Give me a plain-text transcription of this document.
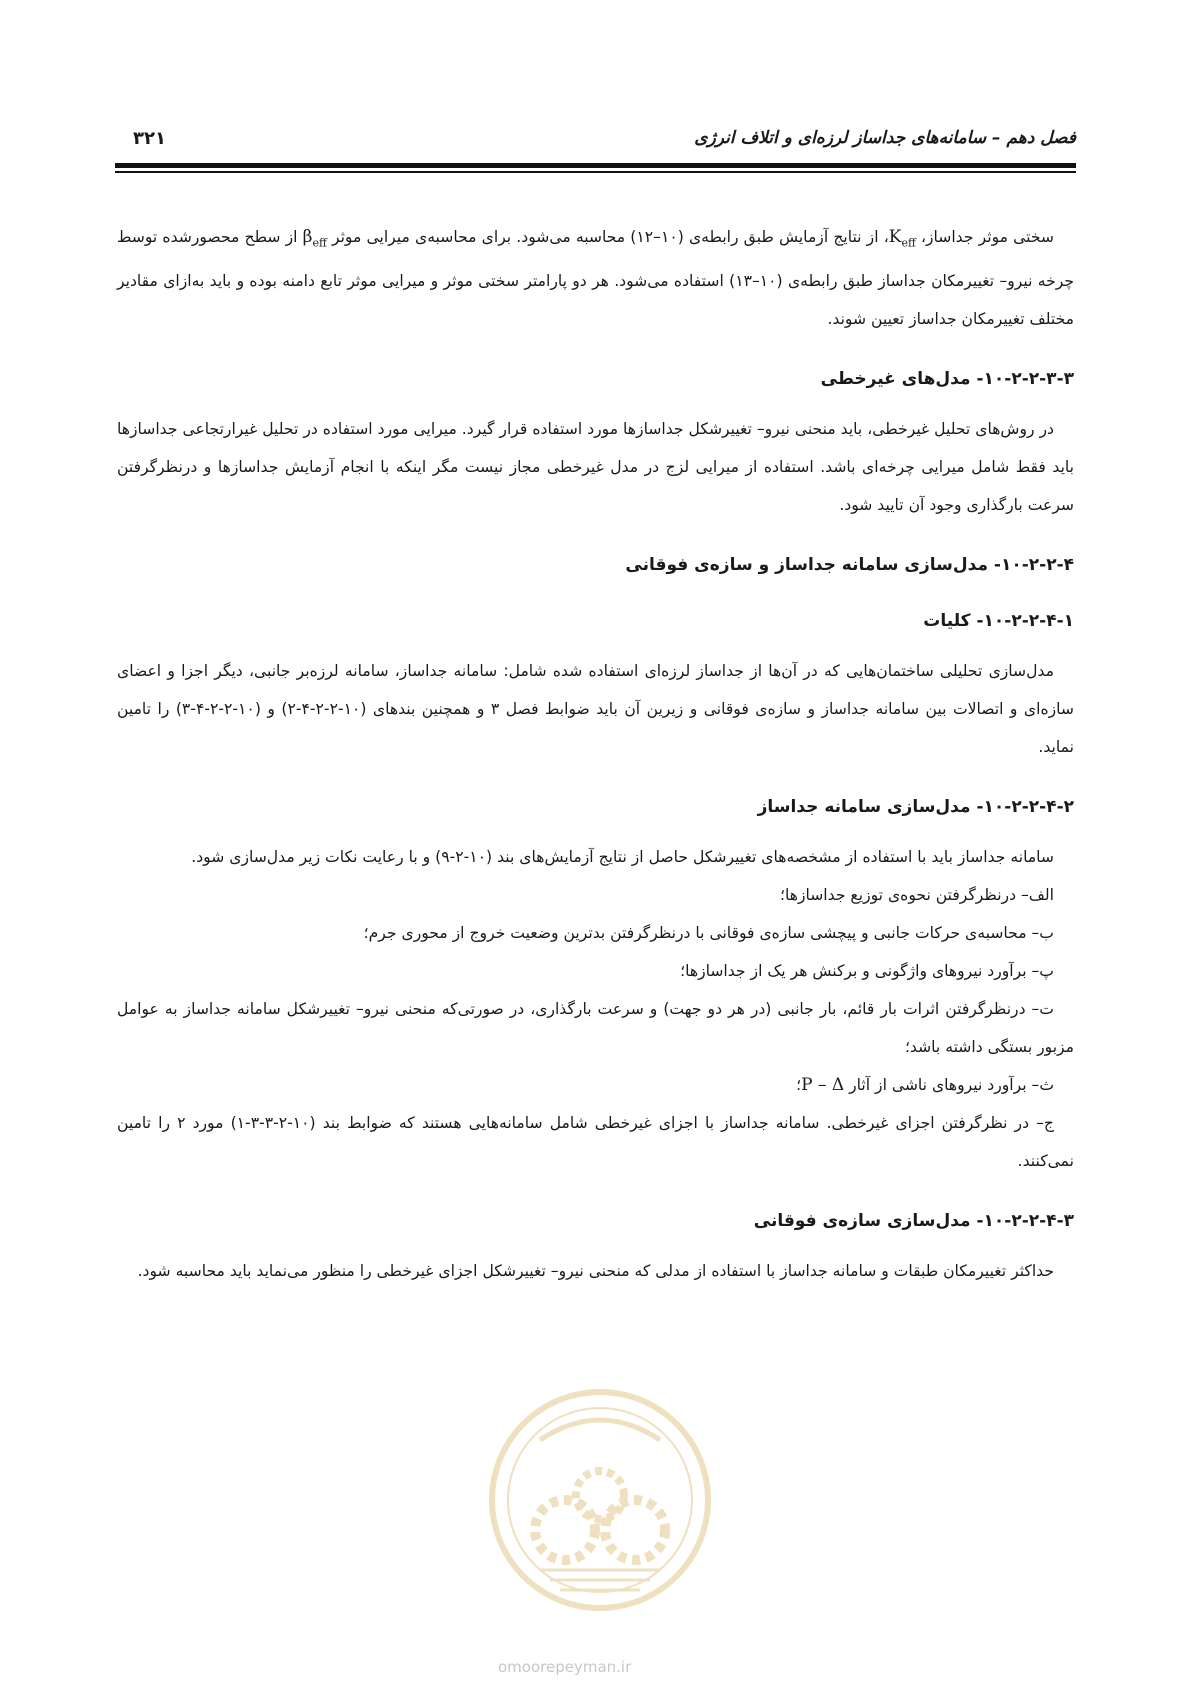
فصل دهم – سامانه‌های جداساز لرزه‌ای و اتلاف انرژی
۳۲۱

سختی موثر جداساز، $K_{eff}،$ از نتایج آزمایش طبق رابطه‌ی (۱۰–۱۲) محاسبه می‌شود. برای محاسبه‌ی میرایی موثر $\beta_{eff}$ از سطح محصورشده توسط چرخه نیرو– تغییرمکان جداساز طبق رابطه‌ی (۱۰–۱۳) استفاده می‌شود. هر دو پارامتر سختی موثر و میرایی موثر تابع دامنه بوده و باید به‌ازای مقادیر مختلف تغییرمکان جداساز تعیین شوند.

۱۰-۲-۲-۳-۳- مدل‌های غیرخطی

در روش‌های تحلیل غیرخطی، باید منحنی نیرو– تغییرشکل جداسازها مورد استفاده قرار گیرد. میرایی مورد استفاده در تحلیل غیرارتجاعی جداسازها باید فقط شامل میرایی چرخه‌ای باشد. استفاده از میرایی لزج در مدل غیرخطی مجاز نیست مگر اینکه با انجام آزمایش جداسازها و درنظرگرفتن سرعت بارگذاری وجود آن تایید شود.

۱۰-۲-۲-۴- مدل‌سازی سامانه جداساز و سازه‌ی فوقانی
۱۰-۲-۲-۴-۱- کلیات

مدل‌سازی تحلیلی ساختمان‌هایی که در آن‌ها از جداساز لرزه‌ای استفاده شده شامل: سامانه جداساز، سامانه لرزه‌بر جانبی، دیگر اجزا و اعضای سازه‌ای و اتصالات بین سامانه جداساز و سازه‌ی فوقانی و زیرین آن باید ضوابط فصل ۳ و همچنین بندهای (۱۰-۲-۲-۴-۲) و (۱۰-۲-۲-۴-۳) را تامین نماید.

۱۰-۲-۲-۴-۲- مدل‌سازی سامانه جداساز

سامانه جداساز باید با استفاده از مشخصه‌های تغییرشکل حاصل از نتایج آزمایش‌های بند (۱۰-۲-۹) و با رعایت نکات زیر مدل‌سازی شود.

الف– درنظرگرفتن نحوه‌ی توزیع جداسازها؛

ب– محاسبه‌ی حرکات جانبی و پیچشی سازه‌ی فوقانی با درنظرگرفتن بدترین وضعیت خروج از محوری جرم؛

پ– برآورد نیروهای واژگونی و برکنش هر یک از جداسازها؛

ت– درنظرگرفتن اثرات بار قائم، بار جانبی (در هر دو جهت) و سرعت بارگذاری، در صورتی‌که منحنی نیرو– تغییرشکل سامانه جداساز به عوامل مزبور بستگی داشته باشد؛

ث– برآورد نیروهای ناشی از آثار P – Δ؛

ج– در نظرگرفتن اجزای غیرخطی. سامانه جداساز با اجزای غیرخطی شامل سامانه‌هایی هستند که ضوابط بند (۱۰-۲-۳-۳-۱) مورد ۲ را تامین نمی‌کنند.

۱۰-۲-۲-۴-۳- مدل‌سازی سازه‌ی فوقانی

حداکثر تغییرمکان طبقات و سامانه جداساز با استفاده از مدلی که منحنی نیرو– تغییرشکل اجزای غیرخطی را منظور می‌نماید باید محاسبه شود.

omoorepeyman.ir
